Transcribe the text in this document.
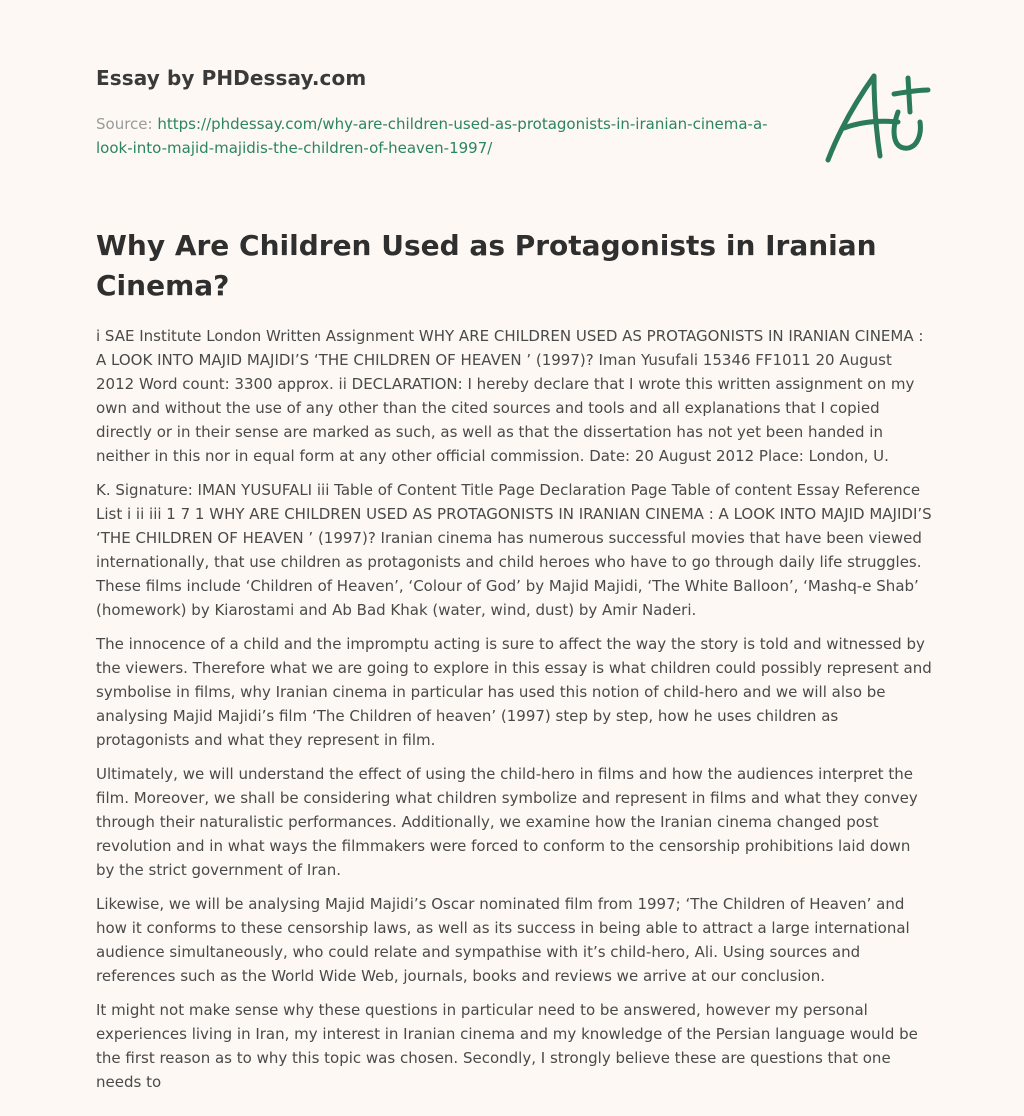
Essay by PHDessay.com
Source: https://phdessay.com/why-are-children-used-as-protagonists-in-iranian-cinema-a-look-into-majid-majidis-the-children-of-heaven-1997/
Why Are Children Used as Protagonists in Iranian Cinema?

i SAE Institute London Written Assignment WHY ARE CHILDREN USED AS PROTAGONISTS IN IRANIAN CINEMA : A LOOK INTO MAJID MAJIDI’S ‘THE CHILDREN OF HEAVEN ’ (1997)? Iman Yusufali 15346 FF1011 20 August 2012 Word count: 3300 approx. ii DECLARATION: I hereby declare that I wrote this written assignment on my own and without the use of any other than the cited sources and tools and all explanations that I copied directly or in their sense are marked as such, as well as that the dissertation has not yet been handed in neither in this nor in equal form at any other official commission. Date: 20 August 2012 Place: London, U.

K. Signature: IMAN YUSUFALI iii Table of Content Title Page Declaration Page Table of content Essay Reference List i ii iii 1 7 1 WHY ARE CHILDREN USED AS PROTAGONISTS IN IRANIAN CINEMA : A LOOK INTO MAJID MAJIDI’S ‘THE CHILDREN OF HEAVEN ’ (1997)? Iranian cinema has numerous successful movies that have been viewed internationally, that use children as protagonists and child heroes who have to go through daily life struggles. These films include ‘Children of Heaven’, ‘Colour of God’ by Majid Majidi, ‘The White Balloon’, ‘Mashq-e Shab’ (homework) by Kiarostami and Ab Bad Khak (water, wind, dust) by Amir Naderi.

The innocence of a child and the impromptu acting is sure to affect the way the story is told and witnessed by the viewers. Therefore what we are going to explore in this essay is what children could possibly represent and symbolise in films, why Iranian cinema in particular has used this notion of child-hero and we will also be analysing Majid Majidi’s film ‘The Children of heaven’ (1997) step by step, how he uses children as protagonists and what they represent in film.

Ultimately, we will understand the effect of using the child-hero in films and how the audiences interpret the film. Moreover, we shall be considering what children symbolize and represent in films and what they convey through their naturalistic performances. Additionally, we examine how the Iranian cinema changed post revolution and in what ways the filmmakers were forced to conform to the censorship prohibitions laid down by the strict government of Iran.

Likewise, we will be analysing Majid Majidi’s Oscar nominated film from 1997; ‘The Children of Heaven’ and how it conforms to these censorship laws, as well as its success in being able to attract a large international audience simultaneously, who could relate and sympathise with it’s child-hero, Ali. Using sources and references such as the World Wide Web, journals, books and reviews we arrive at our conclusion.

It might not make sense why these questions in particular need to be answered, however my personal experiences living in Iran, my interest in Iranian cinema and my knowledge of the Persian language would be the first reason as to why this topic was chosen. Secondly, I strongly believe these are questions that one needs to
